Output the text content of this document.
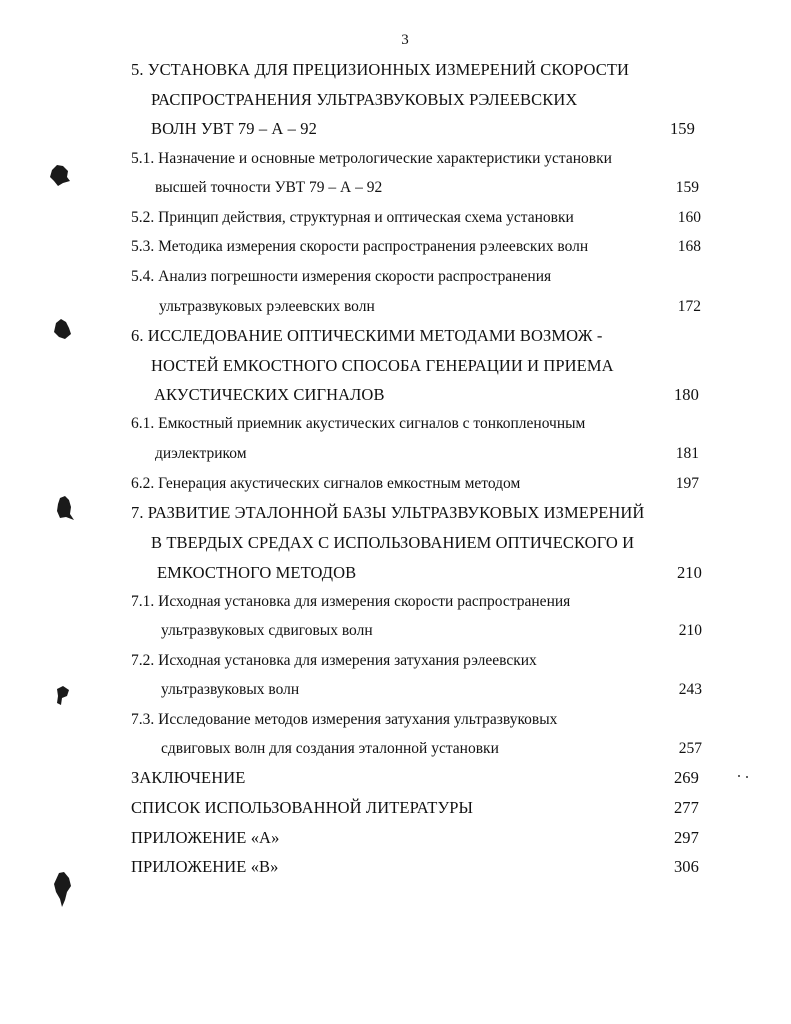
3
5. УСТАНОВКА ДЛЯ ПРЕЦИЗИОННЫХ ИЗМЕРЕНИЙ СКОРОСТИ
РАСПРОСТРАНЕНИЯ УЛЬТРАЗВУКОВЫХ РЭЛЕЕВСКИХ
ВОЛН УВТ 79 – А – 92	159
5.1. Назначение и основные метрологические характеристики установки
высшей точности УВТ 79 – А – 92	159
5.2. Принцип действия, структурная и оптическая схема установки	160
5.3. Методика измерения скорости распространения рэлеевских волн	168
5.4. Анализ погрешности измерения скорости распространения
ультразвуковых рэлеевских волн	172
6. ИССЛЕДОВАНИЕ ОПТИЧЕСКИМИ МЕТОДАМИ ВОЗМОЖ -
НОСТЕЙ ЕМКОСТНОГО СПОСОБА ГЕНЕРАЦИИ И ПРИЕМА
АКУСТИЧЕСКИХ СИГНАЛОВ	180
6.1. Емкостный приемник акустических сигналов с тонкопленочным
диэлектриком	181
6.2. Генерация акустических сигналов емкостным методом	197
7. РАЗВИТИЕ ЭТАЛОННОЙ БАЗЫ УЛЬТРАЗВУКОВЫХ ИЗМЕРЕНИЙ
В ТВЕРДЫХ СРЕДАХ С ИСПОЛЬЗОВАНИЕМ ОПТИЧЕСКОГО И
ЕМКОСТНОГО МЕТОДОВ	210
7.1. Исходная установка для измерения скорости распространения
ультразвуковых сдвиговых волн	210
7.2. Исходная установка для измерения затухания рэлеевских
ультразвуковых волн	243
7.3. Исследование методов измерения затухания ультразвуковых
сдвиговых волн для создания эталонной установки	257
ЗАКЛЮЧЕНИЕ	269
СПИСОК ИСПОЛЬЗОВАННОЙ ЛИТЕРАТУРЫ	277
ПРИЛОЖЕНИЕ «А»	297
ПРИЛОЖЕНИЕ «В»	306
